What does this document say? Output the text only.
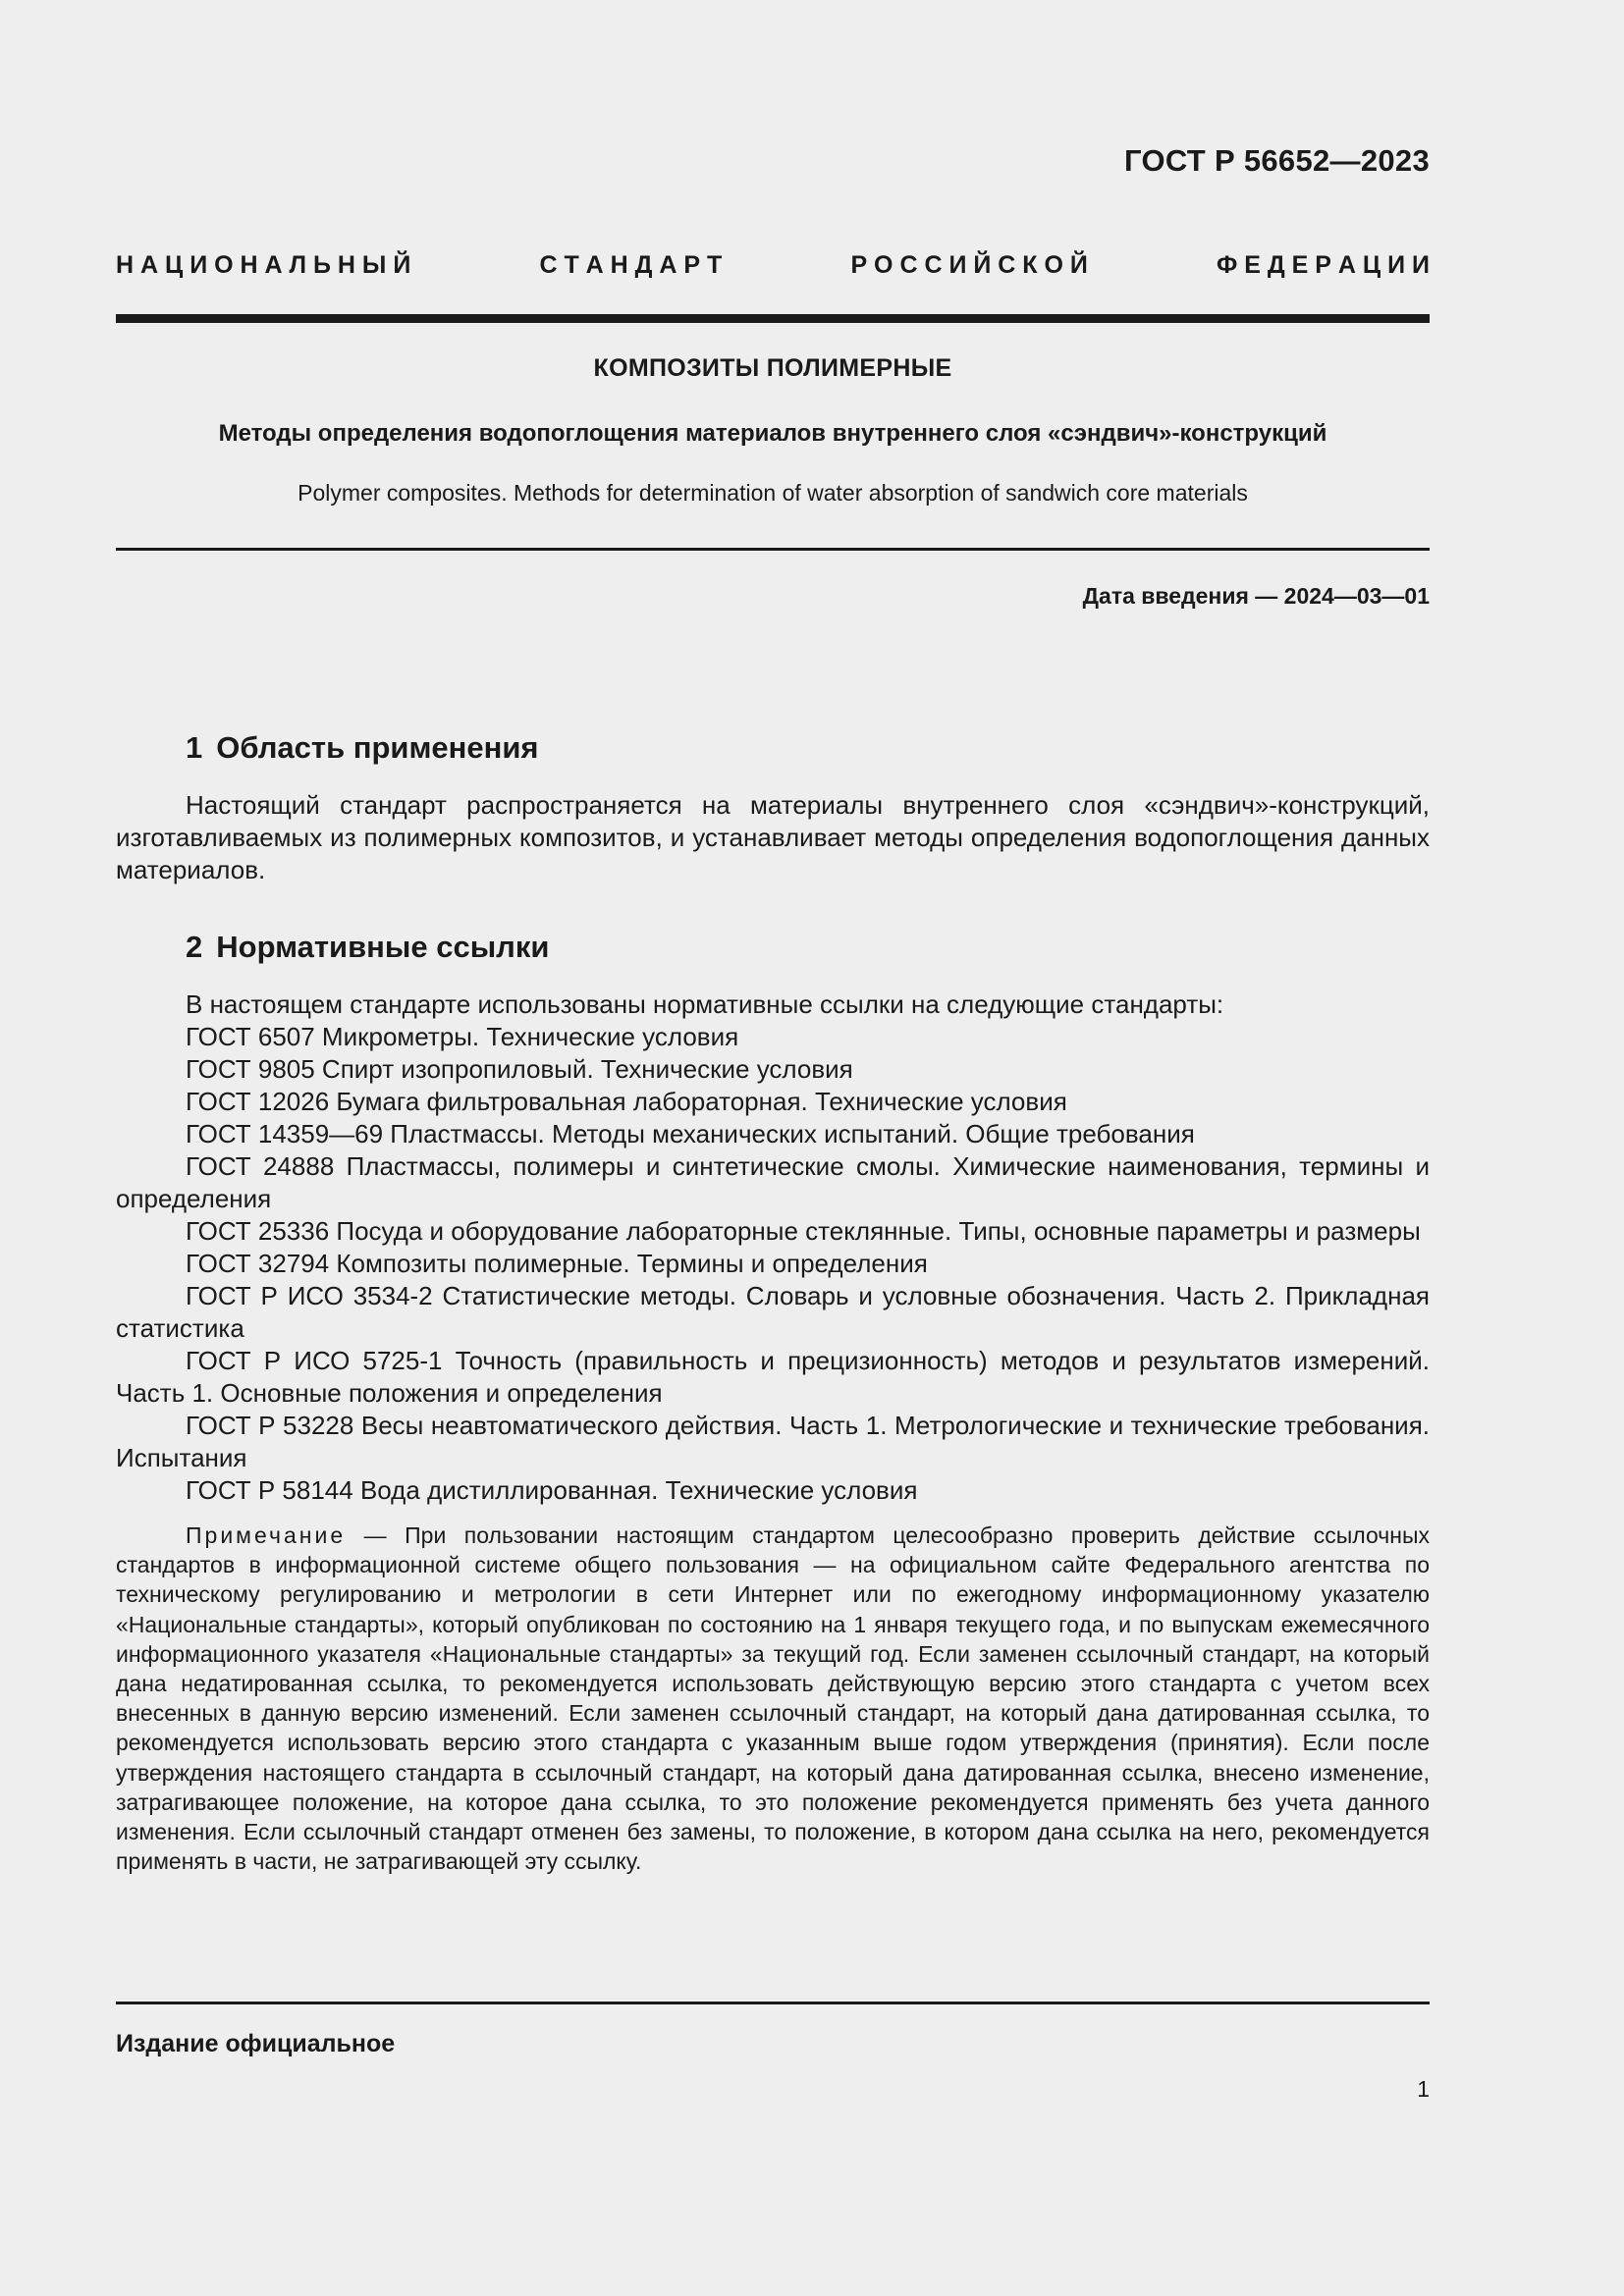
ГОСТ Р 56652—2023
Н А Ц И О Н А Л Ь Н Ы Й	С Т А Н Д А Р Т	Р О С С И Й С К О Й	Ф Е Д Е Р А Ц И И
КОМПОЗИТЫ ПОЛИМЕРНЫЕ
Методы определения водопоглощения материалов внутреннего слоя «сэндвич»-конструкций
Polymer composites. Methods for determination of water absorption of sandwich core materials
Дата введения — 2024—03—01
1 Область применения

Настоящий стандарт распространяется на материалы внутреннего слоя «сэндвич»-конструкций, изготавливаемых из полимерных композитов, и устанавливает методы определения водопоглощения данных материалов.

2 Нормативные ссылки

В настоящем стандарте использованы нормативные ссылки на следующие стандарты:

ГОСТ 6507 Микрометры. Технические условия

ГОСТ 9805 Спирт изопропиловый. Технические условия

ГОСТ 12026 Бумага фильтровальная лабораторная. Технические условия

ГОСТ 14359—69 Пластмассы. Методы механических испытаний. Общие требования

ГОСТ 24888 Пластмассы, полимеры и синтетические смолы. Химические наименования, термины и определения

ГОСТ 25336 Посуда и оборудование лабораторные стеклянные. Типы, основные параметры и размеры

ГОСТ 32794 Композиты полимерные. Термины и определения

ГОСТ Р ИСО 3534-2 Статистические методы. Словарь и условные обозначения. Часть 2. Прикладная статистика

ГОСТ Р ИСО 5725-1 Точность (правильность и прецизионность) методов и результатов измерений. Часть 1. Основные положения и определения

ГОСТ Р 53228 Весы неавтоматического действия. Часть 1. Метрологические и технические требования. Испытания

ГОСТ Р 58144 Вода дистиллированная. Технические условия

Примечание — При пользовании настоящим стандартом целесообразно проверить действие ссылочных стандартов в информационной системе общего пользования — на официальном сайте Федерального агентства по техническому регулированию и метрологии в сети Интернет или по ежегодному информационному указателю «Национальные стандарты», который опубликован по состоянию на 1 января текущего года, и по выпускам ежемесячного информационного указателя «Национальные стандарты» за текущий год. Если заменен ссылочный стандарт, на который дана недатированная ссылка, то рекомендуется использовать действующую версию этого стандарта с учетом всех внесенных в данную версию изменений. Если заменен ссылочный стандарт, на который дана датированная ссылка, то рекомендуется использовать версию этого стандарта с указанным выше годом утверждения (принятия). Если после утверждения настоящего стандарта в ссылочный стандарт, на который дана датированная ссылка, внесено изменение, затрагивающее положение, на которое дана ссылка, то это положение рекомендуется применять без учета данного изменения. Если ссылочный стандарт отменен без замены, то положение, в котором дана ссылка на него, рекомендуется применять в части, не затрагивающей эту ссылку.

Издание официальное
1
